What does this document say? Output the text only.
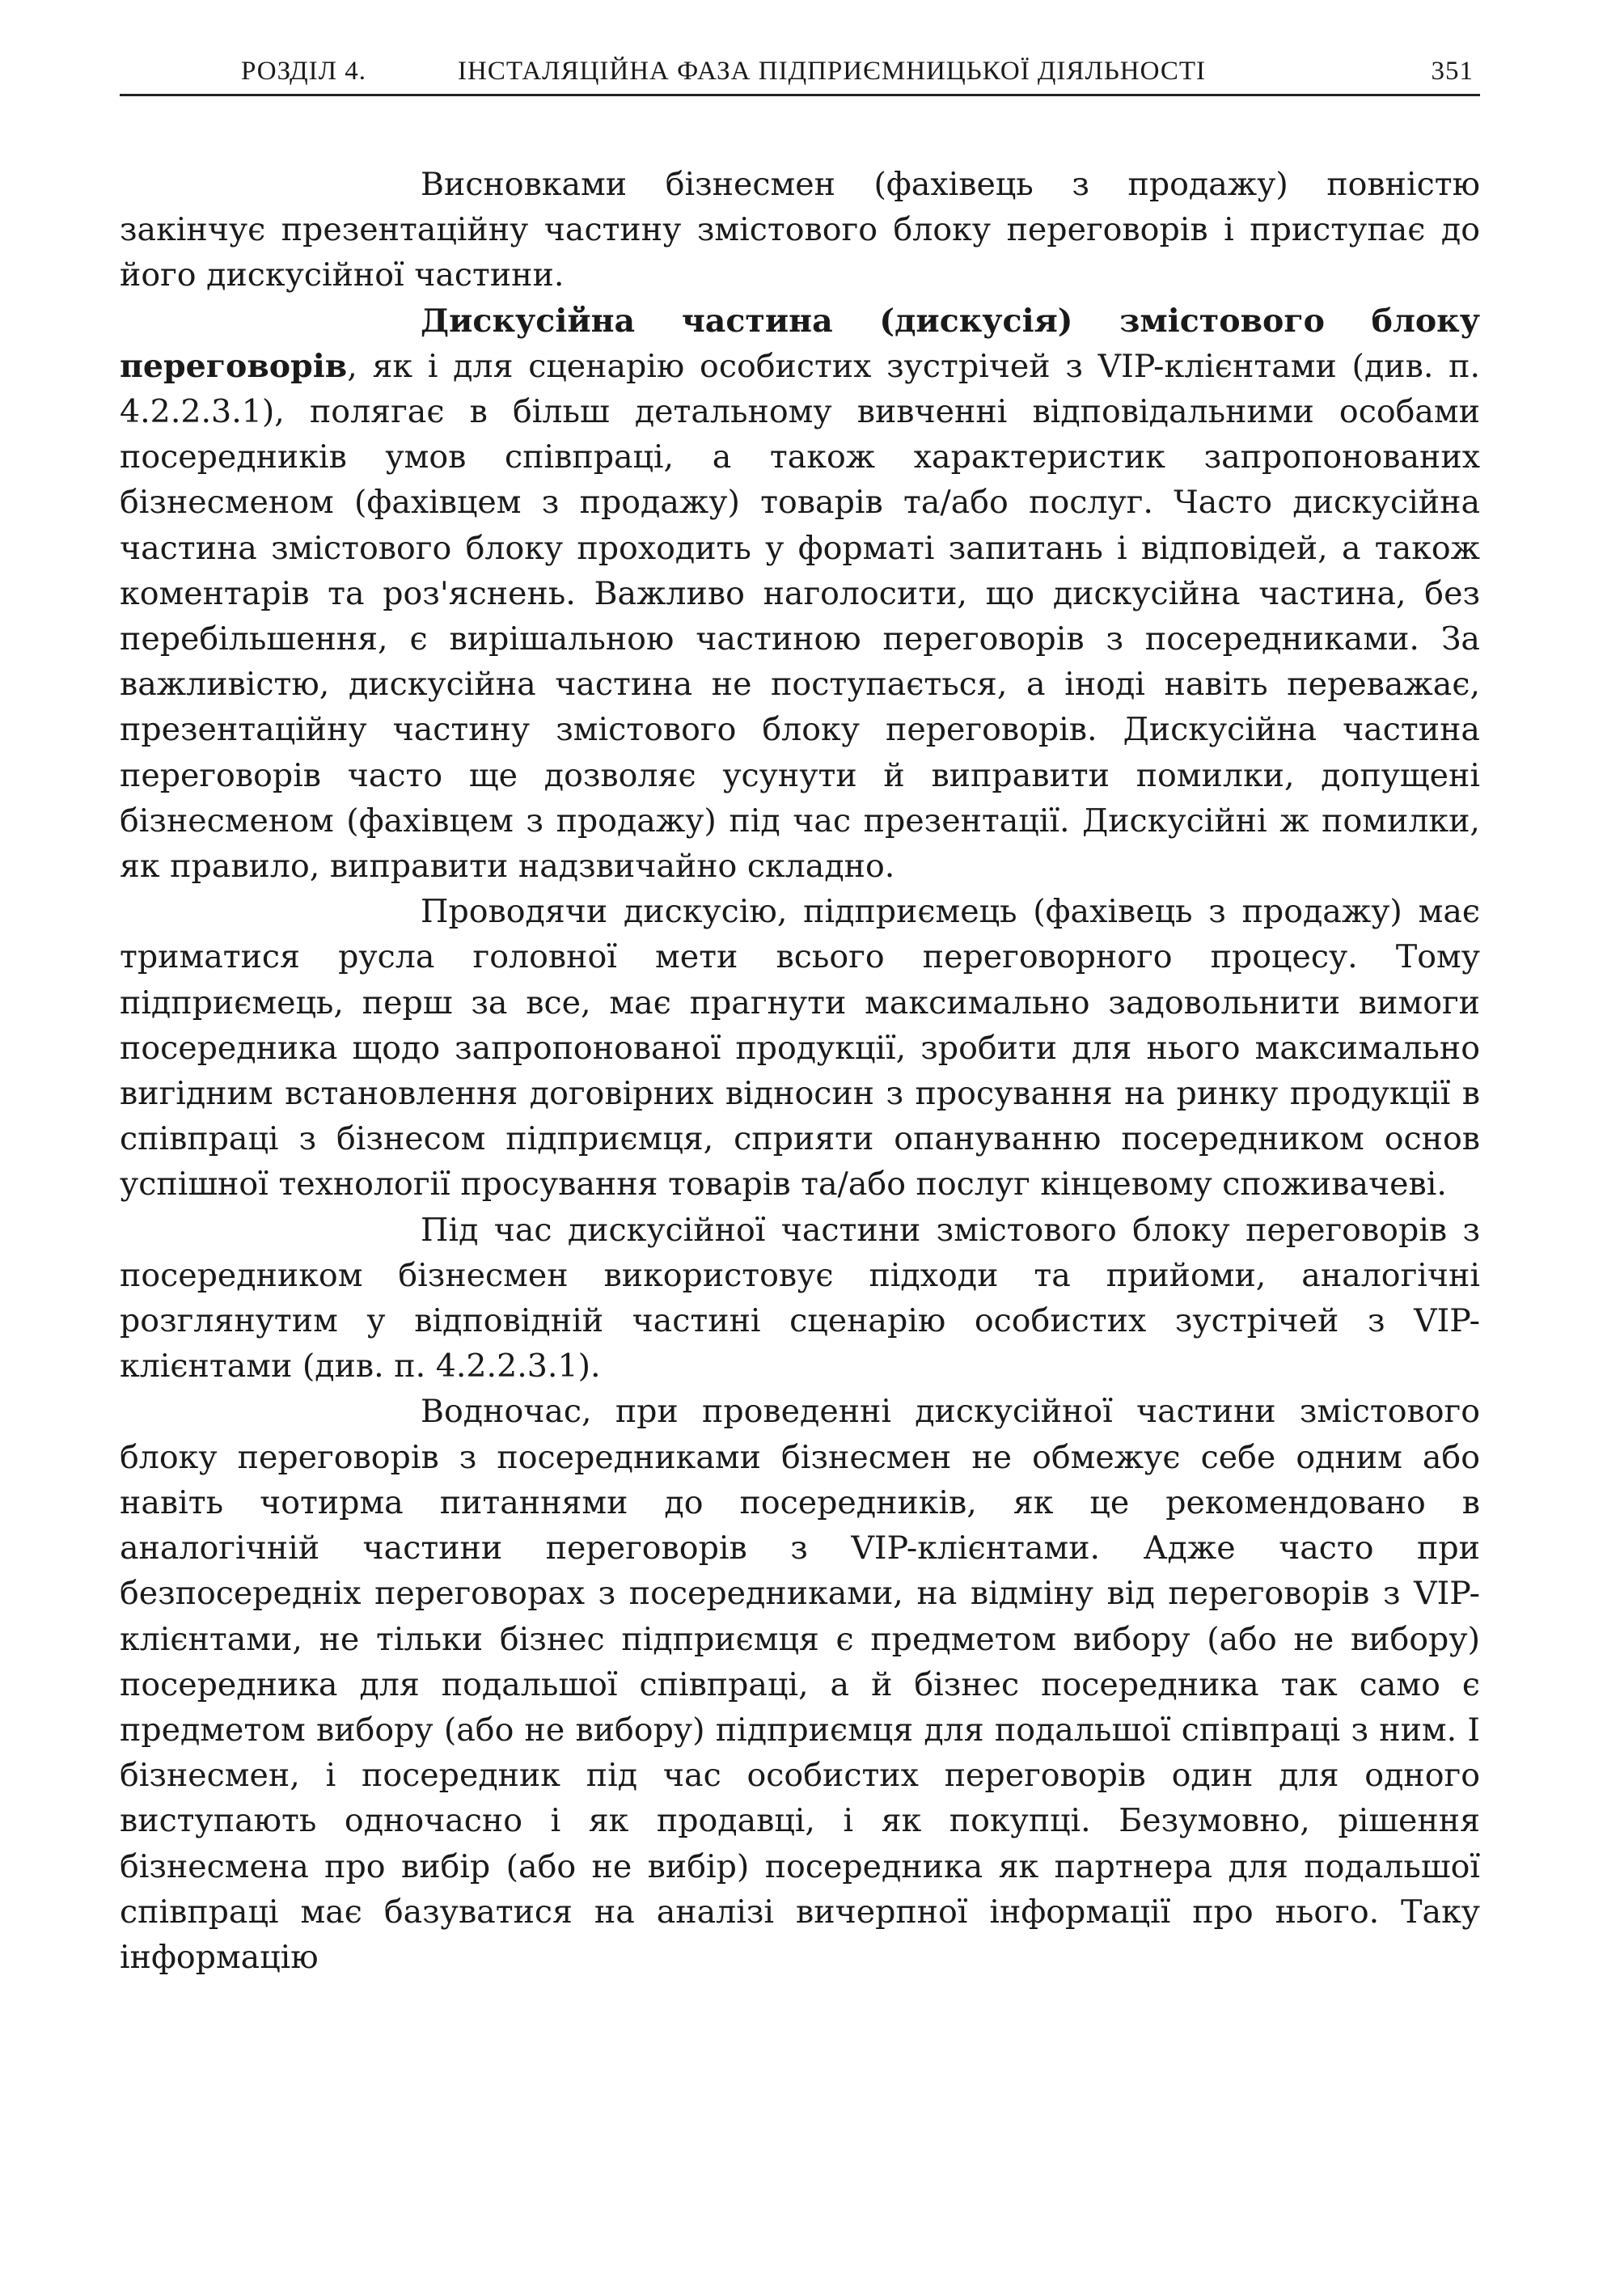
РОЗДІЛ 4.	ІНСТАЛЯЦІЙНА ФАЗА ПІДПРИЄМНИЦЬКОЇ ДІЯЛЬНОСТІ	351

Висновками бізнесмен (фахівець з продажу) повністю закінчує презентаційну частину змістового блоку переговорів і приступає до його дискусійної частини.

Дискусійна частина (дискусія) змістового блоку переговорів, як і для сценарію особистих зустрічей з VIP-клієнтами (див. п. 4.2.2.3.1), полягає в більш детальному вивченні відповідальними особами посередників умов співпраці, а також характеристик запропонованих бізнесменом (фахівцем з продажу) товарів та/або послуг. Часто дискусійна частина змістового блоку проходить у форматі запитань і відповідей, а також коментарів та роз'яснень. Важливо наголосити, що дискусійна частина, без перебільшення, є вирішальною частиною переговорів з посередниками. За важливістю, дискусійна частина не поступається, а іноді навіть переважає, презентаційну частину змістового блоку переговорів. Дискусійна частина переговорів часто ще дозволяє усунути й виправити помилки, допущені бізнесменом (фахівцем з продажу) під час презентації. Дискусійні ж помилки, як правило, виправити надзвичайно складно.

Проводячи дискусію, підприємець (фахівець з продажу) має триматися русла головної мети всього переговорного процесу. Тому підприємець, перш за все, має прагнути максимально задовольнити вимоги посередника щодо запропонованої продукції, зробити для нього максимально вигідним встановлення договірних відносин з просування на ринку продукції в співпраці з бізнесом підприємця, сприяти опануванню посередником основ успішної технології просування товарів та/або послуг кінцевому споживачеві.

Під час дискусійної частини змістового блоку переговорів з посередником бізнесмен використовує підходи та прийоми, аналогічні розглянутим у відповідній частині сценарію особистих зустрічей з VIP-клієнтами (див. п. 4.2.2.3.1).

Водночас, при проведенні дискусійної частини змістового блоку переговорів з посередниками бізнесмен не обмежує себе одним або навіть чотирма питаннями до посередників, як це рекомендовано в аналогічній частини переговорів з VIP-клієнтами. Адже часто при безпосередніх переговорах з посередниками, на відміну від переговорів з VIP-клієнтами, не тільки бізнес підприємця є предметом вибору (або не вибору) посередника для подальшої співпраці, а й бізнес посередника так само є предметом вибору (або не вибору) підприємця для подальшої співпраці з ним. І бізнесмен, і посередник під час особистих переговорів один для одного виступають одночасно і як продавці, і як покупці. Безумовно, рішення бізнесмена про вибір (або не вибір) посередника як партнера для подальшої співпраці має базуватися на аналізі вичерпної інформації про нього. Таку інформацію
